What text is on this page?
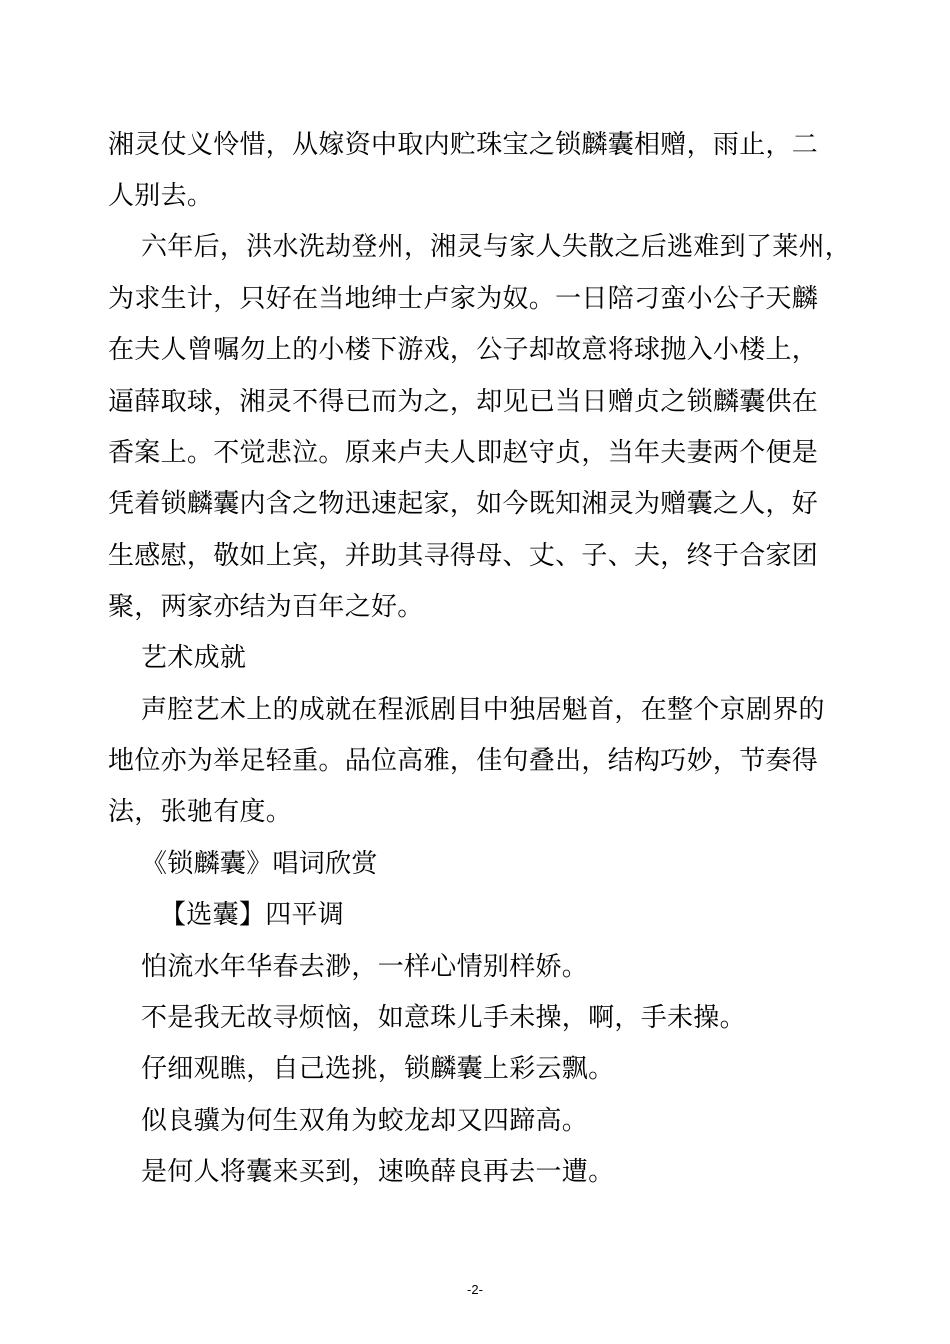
湘灵仗义怜惜，从嫁资中取内贮珠宝之锁麟囊相赠，雨止，二
人别去。
六年后，洪水洗劫登州，湘灵与家人失散之后逃难到了莱州，
为求生计，只好在当地绅士卢家为奴。一日陪刁蛮小公子天麟
在夫人曾嘱勿上的小楼下游戏，公子却故意将球抛入小楼上，
逼薛取球，湘灵不得已而为之，却见已当日赠贞之锁麟囊供在
香案上。不觉悲泣。原来卢夫人即赵守贞，当年夫妻两个便是
凭着锁麟囊内含之物迅速起家，如今既知湘灵为赠囊之人，好
生感慰，敬如上宾，并助其寻得母、丈、子、夫，终于合家团
聚，两家亦结为百年之好。
艺术成就
声腔艺术上的成就在程派剧目中独居魁首，在整个京剧界的
地位亦为举足轻重。品位高雅，佳句叠出，结构巧妙，节奏得
法，张驰有度。
《锁麟囊》唱词欣赏
【选囊】四平调
怕流水年华春去渺，一样心情别样娇。
不是我无故寻烦恼，如意珠儿手未操，啊，手未操。
仔细观瞧，自己选挑，锁麟囊上彩云飘。
似良骥为何生双角为蛟龙却又四蹄高。
是何人将囊来买到，速唤薛良再去一遭。
-2-
